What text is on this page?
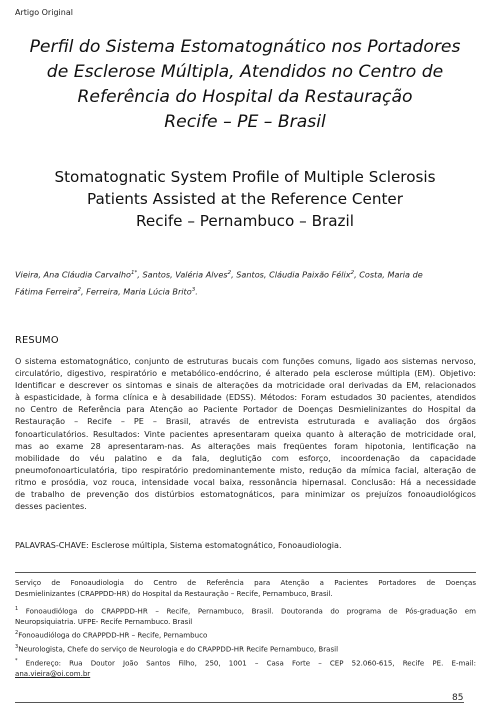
Artigo Original
Perfil do Sistema Estomatognático nos Portadores
de Esclerose Múltipla, Atendidos no Centro de
Referência do Hospital da Restauração
Recife – PE – Brasil
Stomatognatic System Profile of Multiple Sclerosis
Patients Assisted at the Reference Center
Recife – Pernambuco – Brazil

Vieira, Ana Cláudia Carvalho$^{1*}$, Santos, Valéria Alves$^2$, Santos, Cláudia Paixão Félix$^2$, Costa, Maria de

Fátima Ferreira$^2$, Ferreira, Maria Lúcia Brito$^3$.

RESUMO

O sistema estomatognático, conjunto de estruturas bucais com funções comuns, ligado aos sistemas nervoso,

circulatório, digestivo, respiratório e metabólico-endócrino, é alterado pela esclerose múltipla (EM). Objetivo:

Identificar e descrever os sintomas e sinais de alterações da motricidade oral derivadas da EM, relacionados

à espasticidade, à forma clínica e à desabilidade (EDSS). Métodos: Foram estudados 30 pacientes, atendidos

no Centro de Referência para Atenção ao Paciente Portador de Doenças Desmielinizantes do Hospital da

Restauração – Recife – PE – Brasil, através de entrevista estruturada e avaliação dos órgãos

fonoarticulatórios. Resultados: Vinte pacientes apresentaram queixa quanto à alteração de motricidade oral,

mas ao exame 28 apresentaram-nas. As alterações mais freqüentes foram hipotonia, lentificação na

mobilidade do véu palatino e da fala, deglutição com esforço, incoordenação da capacidade

pneumofonoarticulatória, tipo respiratório predominantemente misto, redução da mímica facial, alteração de

ritmo e prosódia, voz rouca, intensidade vocal baixa, ressonância hipernasal. Conclusão: Há a necessidade

de trabalho de prevenção dos distúrbios estomatognáticos, para minimizar os prejuízos fonoaudiológicos

desses pacientes.

PALAVRAS-CHAVE: Esclerose múltipla, Sistema estomatognático, Fonoaudiologia.

Serviço de Fonoaudiologia do Centro de Referência para Atenção a Pacientes Portadores de Doenças

Desmielinizantes (CRAPPDD-HR) do Hospital da Restauração – Recife, Pernambuco, Brasil.

$^1$ Fonoaudióloga do CRAPPDD-HR – Recife, Pernambuco, Brasil. Doutoranda do programa de Pós-graduação em

Neuropsiquiatria. UFPE- Recife Pernambuco. Brasil

$^2$Fonoaudióloga do CRAPPDD-HR – Recife, Pernambuco

$^3$Neurologista, Chefe do serviço de Neurologia e do CRAPPDD-HR Recife Pernambuco, Brasil

* Endereço: Rua Doutor João Santos Filho, 250, 1001 – Casa Forte – CEP 52.060-615, Recife PE. E-mail:

ana.vieira@oi.com.br

85
